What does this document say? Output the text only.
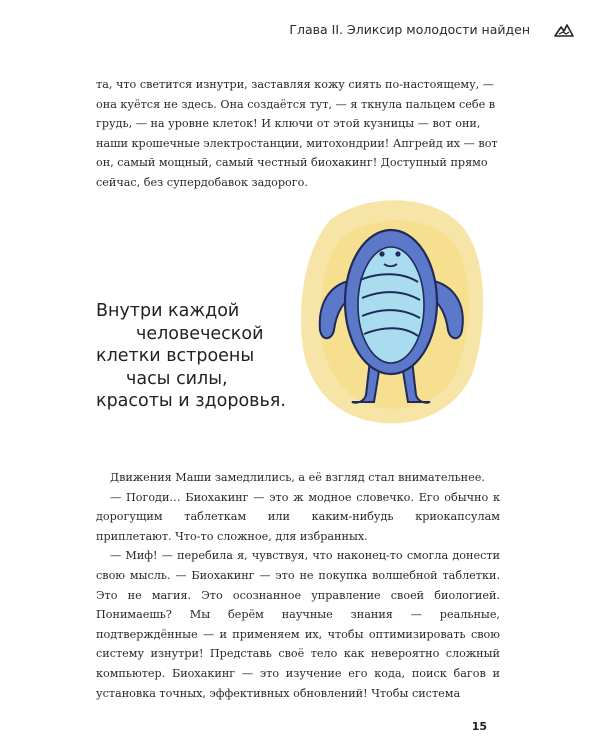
Глава II. Эликсир молодости найден

та, что светится изнутри, заставляя кожу сиять по-настоящему, — она куётся не здесь. Она создаётся тут, — я ткнула пальцем себе в грудь, — на уровне клеток! И ключи от этой кузницы — вот они, наши крошечные электростанции, митохондрии! Апгрейд их — вот он, самый мощный, самый честный биохакинг! Доступный прямо сейчас, без супердобавок задорого.

Внутри каждой
человеческой
клетки встроены
часы силы,
красоты и здоровья.

Движения Маши замедлились, а её взгляд стал внимательнее.

— Погоди… Биохакинг — это ж модное словечко. Его обычно к дорогущим таблеткам или каким-нибудь криокапсулам приплетают. Что-то сложное, для избранных.

— Миф! — перебила я, чувствуя, что наконец-то смогла донести свою мысль. — Биохакинг — это не покупка волшебной таблетки. Это не магия. Это осознанное управление своей биологией. Понимаешь? Мы берём научные знания — реальные, подтверждённые — и применяем их, чтобы оптимизировать свою систему изнутри! Представь своё тело как невероятно сложный компьютер. Биохакинг — это изучение его кода, поиск багов и установка точных, эффективных обновлений! Чтобы система

15
